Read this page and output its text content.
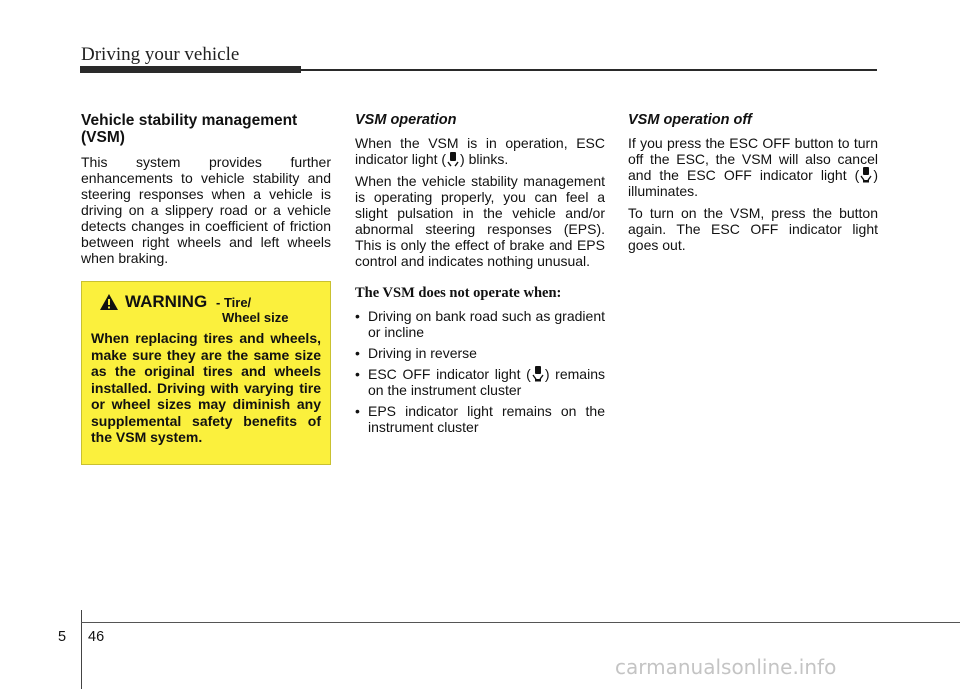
Driving your vehicle
Vehicle stability management (VSM)

This system provides further enhancements to vehicle stability and steering responses when a vehicle is driving on a slippery road or a vehicle detects changes in coefficient of friction between right wheels and left wheels when braking.

WARNING - Tire/
Wheel size

When replacing tires and wheels, make sure they are the same size as the original tires and wheels installed. Driving with varying tire or wheel sizes may diminish any supplemental safety benefits of the VSM system.

VSM operation

When the VSM is in operation, ESC indicator light ( ) blinks.

When the vehicle stability management is operating properly, you can feel a slight pulsation in the vehicle and/or abnormal steering responses (EPS). This is only the effect of brake and EPS control and indicates nothing unusual.

The VSM does not operate when:
• Driving on bank road such as gradient or incline
• Driving in reverse
• ESC OFF indicator light ( ) remains on the instrument cluster
• EPS indicator light remains on the instrument cluster
VSM operation off

If you press the ESC OFF button to turn off the ESC, the VSM will also cancel and the ESC OFF indicator light ( ) illuminates.

To turn on the VSM, press the button again. The ESC OFF indicator light goes out.

5 46
carmanualsonline.info
